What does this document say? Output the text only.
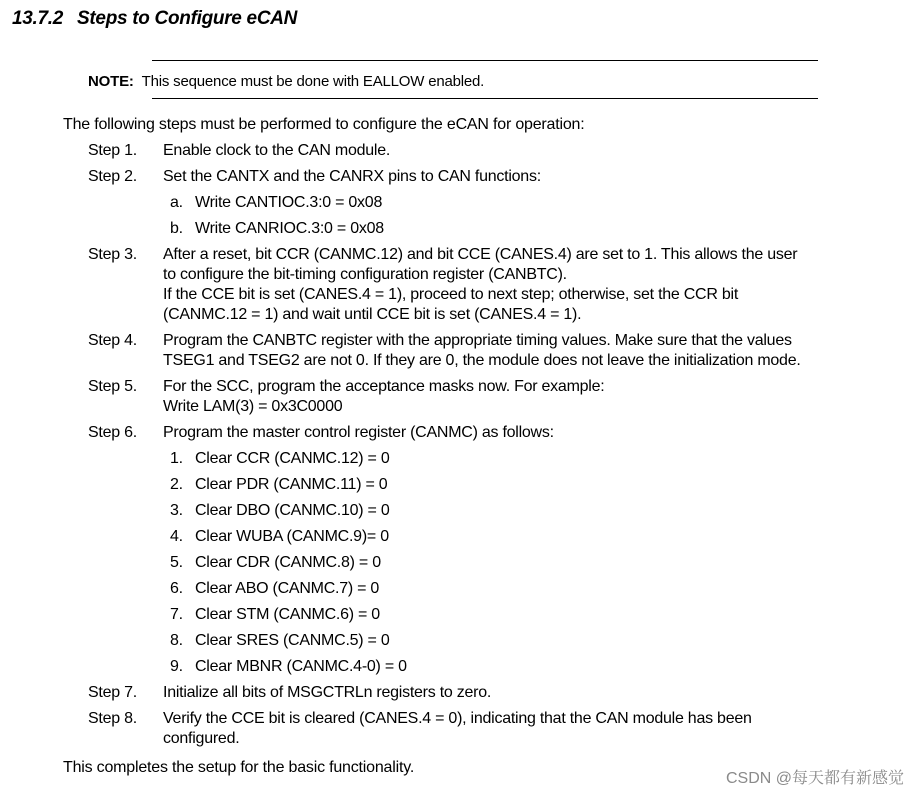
13.7.2 Steps to Configure eCAN
NOTE: This sequence must be done with EALLOW enabled.
The following steps must be performed to configure the eCAN for operation:
Step 1.	Enable clock to the CAN module.
Step 2.	Set the CANTX and the CANRX pins to CAN functions:
a. Write CANTIOC.3:0 = 0x08
b. Write CANRIOC.3:0 = 0x08
Step 3.	After a reset, bit CCR (CANMC.12) and bit CCE (CANES.4) are set to 1. This allows the user
to configure the bit-timing configuration register (CANBTC).
If the CCE bit is set (CANES.4 = 1), proceed to next step; otherwise, set the CCR bit
(CANMC.12 = 1) and wait until CCE bit is set (CANES.4 = 1).
Step 4.	Program the CANBTC register with the appropriate timing values. Make sure that the values
TSEG1 and TSEG2 are not 0. If they are 0, the module does not leave the initialization mode.
Step 5.	For the SCC, program the acceptance masks now. For example:
Write LAM(3) = 0x3C0000
Step 6.	Program the master control register (CANMC) as follows:
1. Clear CCR (CANMC.12) = 0
2. Clear PDR (CANMC.11) = 0
3. Clear DBO (CANMC.10) = 0
4. Clear WUBA (CANMC.9)= 0
5. Clear CDR (CANMC.8) = 0
6. Clear ABO (CANMC.7) = 0
7. Clear STM (CANMC.6) = 0
8. Clear SRES (CANMC.5) = 0
9. Clear MBNR (CANMC.4-0) = 0
Step 7.	Initialize all bits of MSGCTRLn registers to zero.
Step 8.	Verify the CCE bit is cleared (CANES.4 = 0), indicating that the CAN module has been
configured.
This completes the setup for the basic functionality.
CSDN @每天都有新感觉
